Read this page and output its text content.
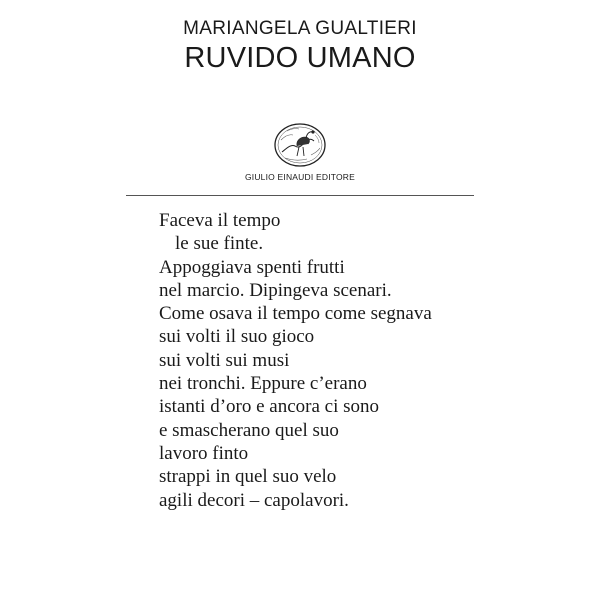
MARIANGELA GUALTIERI
RUVIDO UMANO
GIULIO EINAUDI EDITORE
Faceva il tempo
le sue finte.
Appoggiava spenti frutti
nel marcio. Dipingeva scenari.
Come osava il tempo come segnava
sui volti il suo gioco
sui volti sui musi
nei tronchi. Eppure c’erano
istanti d’oro e ancora ci sono
e smascherano quel suo
lavoro finto
strappi in quel suo velo
agili decori – capolavori.
